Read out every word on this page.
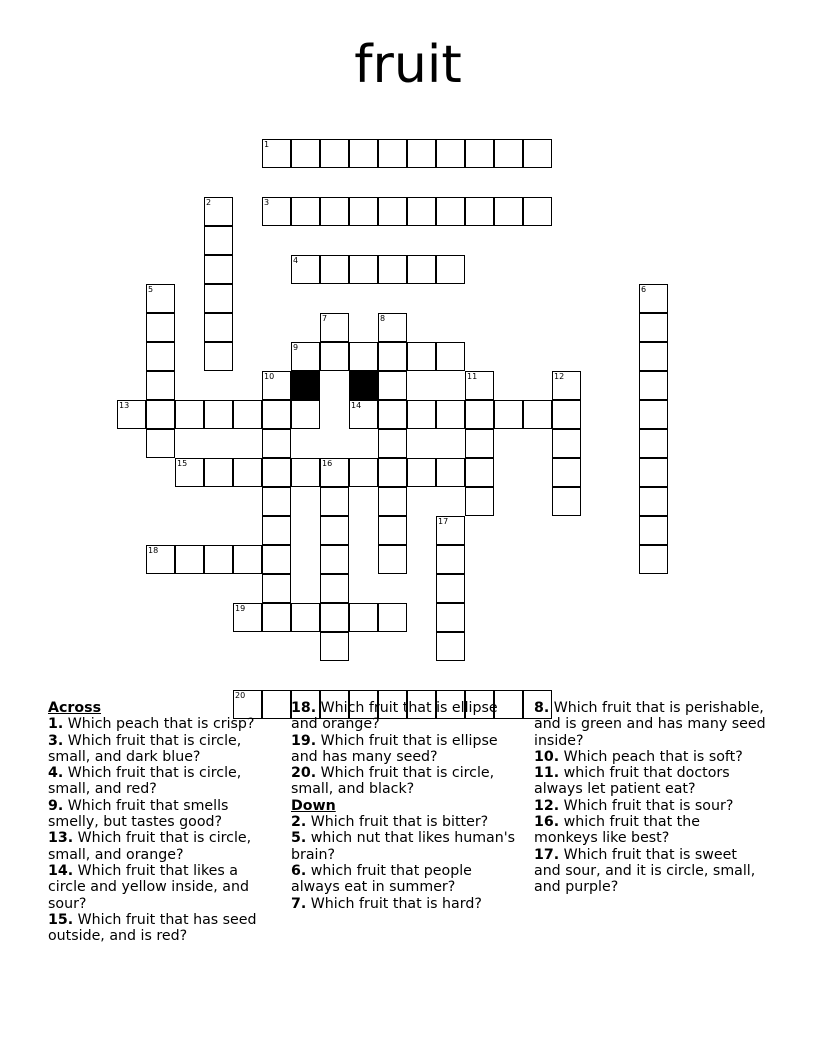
fruit
1
2	3
4
5	6
7	8
9
10	11	12
13	14
15	16
17
18
19
20
Across
1. Which peach that is crisp?
3. Which fruit that is circle, small, and dark blue?
4. Which fruit that is circle, small, and red?
9. Which fruit that smells smelly, but tastes good?
13. Which fruit that is circle, small, and orange?
14. Which fruit that likes a circle and yellow inside, and sour?
15. Which fruit that has seed outside, and is red?
18. Which fruit that is ellipse and orange?
19. Which fruit that is ellipse and has many seed?
20. Which fruit that is circle, small, and black?
Down
2. Which fruit that is bitter?
5. which nut that likes human's brain?
6. which fruit that people always eat in summer?
7. Which fruit that is hard?
8. Which fruit that is perishable, and is green and has many seed inside?
10. Which peach that is soft?
11. which fruit that doctors always let patient eat?
12. Which fruit that is sour?
16. which fruit that the monkeys like best?
17. Which fruit that is sweet and sour, and it is circle, small, and purple?
